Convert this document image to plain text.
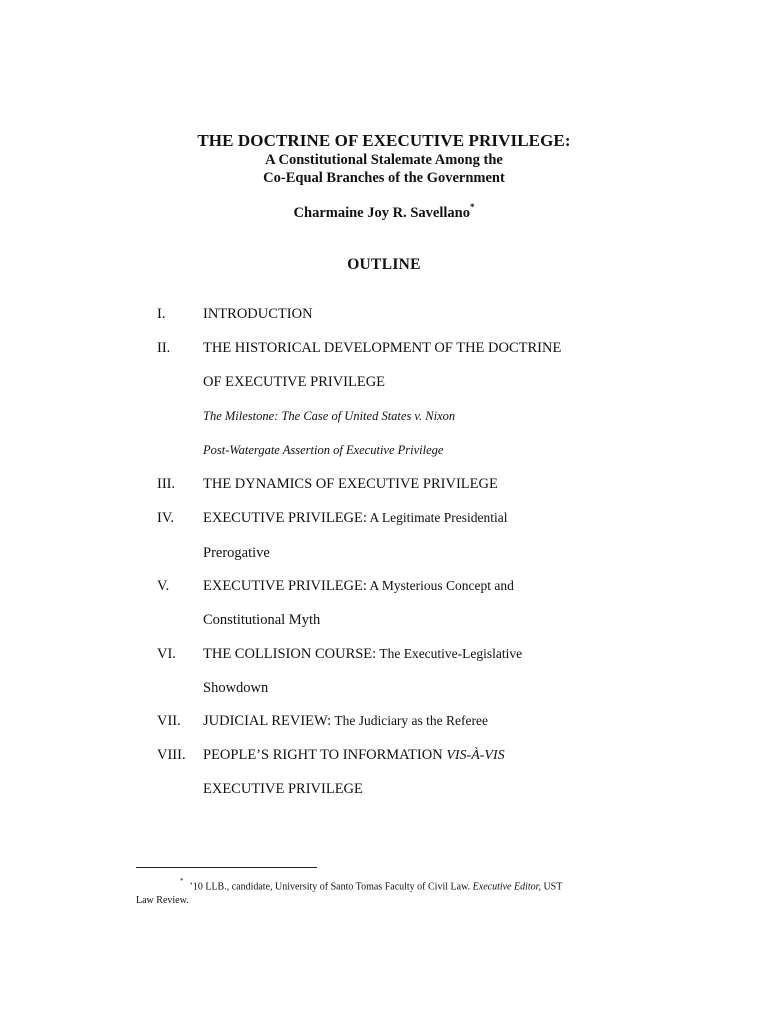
THE DOCTRINE OF EXECUTIVE PRIVILEGE:
A Constitutional Stalemate Among the
Co-Equal Branches of the Government
Charmaine Joy R. Savellano*
OUTLINE
I.	INTRODUCTION
II. THE HISTORICAL DEVELOPMENT OF THE DOCTRINE
OF EXECUTIVE PRIVILEGE
The Milestone: The Case of United States v. Nixon
Post-Watergate Assertion of Executive Privilege
III. THE DYNAMICS OF EXECUTIVE PRIVILEGE
IV. EXECUTIVE PRIVILEGE: A Legitimate Presidential
Prerogative
V. EXECUTIVE PRIVILEGE: A Mysterious Concept and
Constitutional Myth
VI. THE COLLISION COURSE: The Executive-Legislative
Showdown
VII. JUDICIAL REVIEW: The Judiciary as the Referee
VIII. PEOPLE’S RIGHT TO INFORMATION VIS-À-VIS
EXECUTIVE PRIVILEGE
*’10 LLB., candidate, University of Santo Tomas Faculty of Civil Law. Executive Editor, UST
Law Review.
